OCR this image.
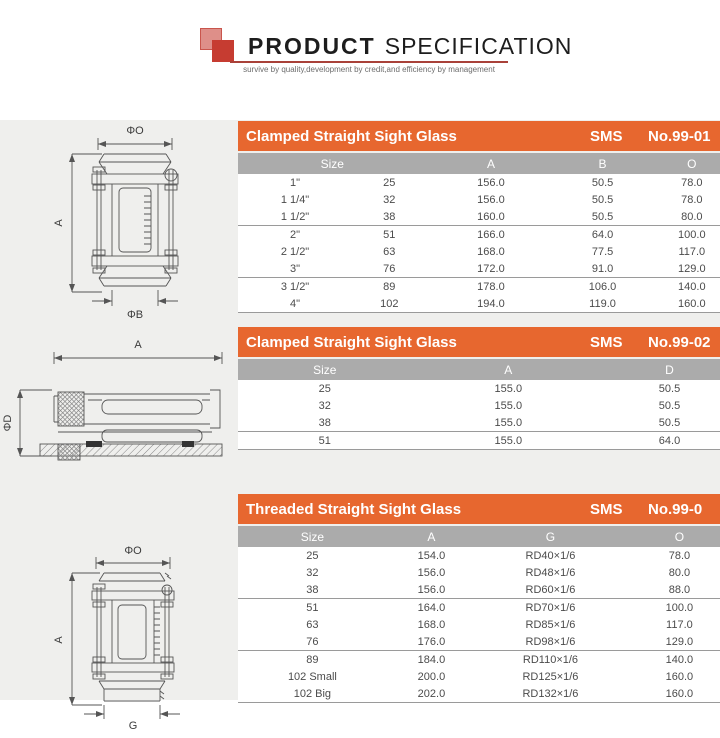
PRODUCT SPECIFICATION
survive by quality,development by credit,and efficiency by management
ΦO
A
ΦB
A
ΦD
ΦO
A
G
Clamped Straight Sight Glass	SMS No.99-01
Size	A	B	O
1"	25	156.0	50.5	78.0
1 1/4"	32	156.0	50.5	78.0
1 1/2"	38	160.0	50.5	80.0
2"	51	166.0	64.0	100.0
2 1/2"	63	168.0	77.5	117.0
3"	76	172.0	91.0	129.0
3 1/2"	89	178.0	106.0	140.0
4"	102	194.0	119.0	160.0
Clamped Straight Sight Glass	SMS No.99-02
Size	A	D
25	155.0	50.5
32	155.0	50.5
38	155.0	50.5
51	155.0	64.0
Threaded Straight Sight Glass	SMS No.99-0
Size	A	G	O
25	154.0	RD40×1/6	78.0
32	156.0	RD48×1/6	80.0
38	156.0	RD60×1/6	88.0
51	164.0	RD70×1/6	100.0
63	168.0	RD85×1/6	117.0
76	176.0	RD98×1/6	129.0
89	184.0	RD110×1/6	140.0
102 Small	200.0	RD125×1/6	160.0
102 Big	202.0	RD132×1/6	160.0
